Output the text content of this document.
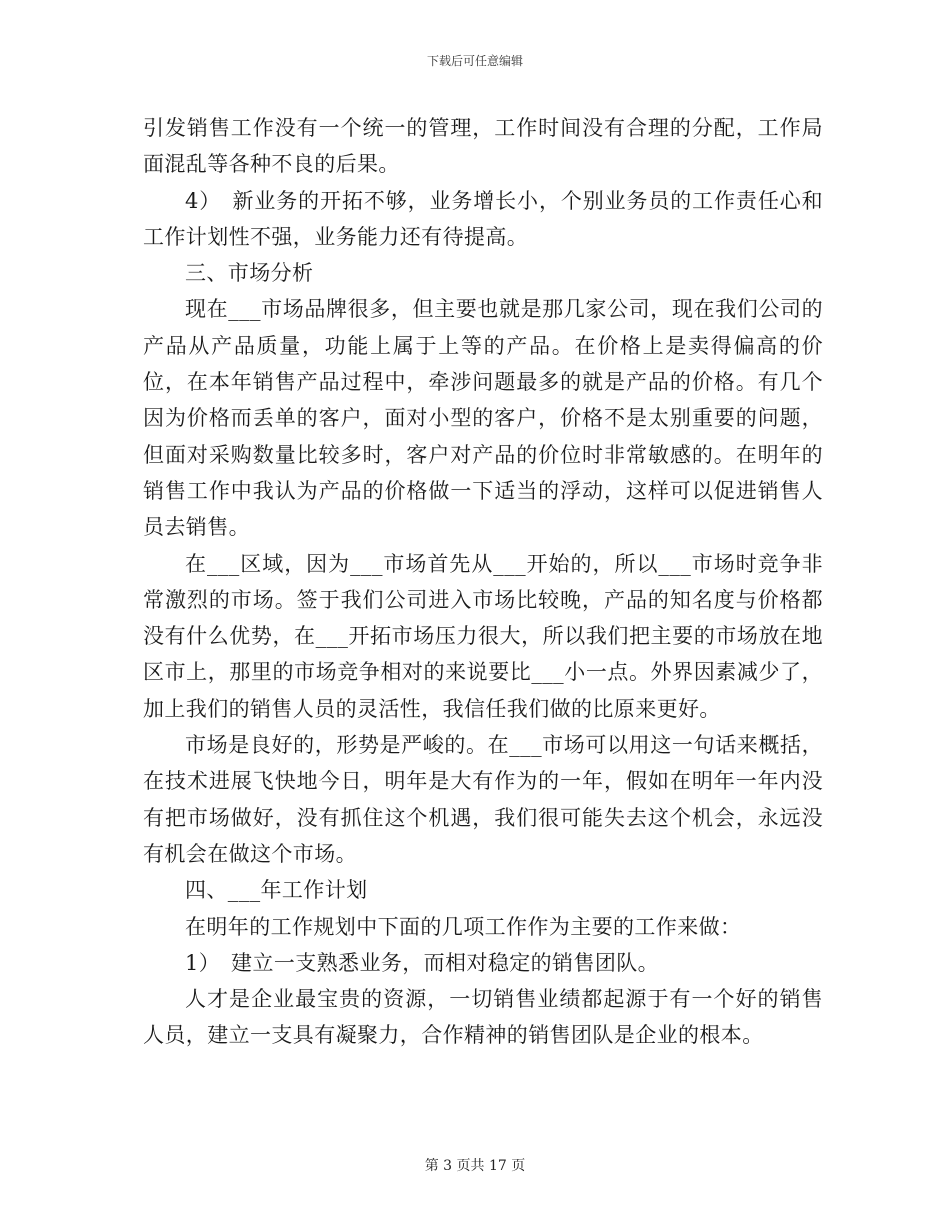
下载后可任意编辑

引发销售工作没有一个统一的管理，工作时间没有合理的分配，工作局面混乱等各种不良的后果。

4）　新业务的开拓不够，业务增长小，个别业务员的工作责任心和工作计划性不强，业务能力还有待提高。

三、市场分析

现在___市场品牌很多，但主要也就是那几家公司，现在我们公司的产品从产品质量，功能上属于上等的产品。在价格上是卖得偏高的价位，在本年销售产品过程中，牵涉问题最多的就是产品的价格。有几个因为价格而丢单的客户，面对小型的客户，价格不是太别重要的问题，但面对采购数量比较多时，客户对产品的价位时非常敏感的。在明年的销售工作中我认为产品的价格做一下适当的浮动，这样可以促进销售人员去销售。

在___区域，因为___市场首先从___开始的，所以___市场时竞争非常激烈的市场。签于我们公司进入市场比较晚，产品的知名度与价格都没有什么优势，在___开拓市场压力很大，所以我们把主要的市场放在地区市上，那里的市场竞争相对的来说要比___小一点。外界因素减少了，加上我们的销售人员的灵活性，我信任我们做的比原来更好。

市场是良好的，形势是严峻的。在___市场可以用这一句话来概括，在技术进展飞快地今日，明年是大有作为的一年，假如在明年一年内没有把市场做好，没有抓住这个机遇，我们很可能失去这个机会，永远没有机会在做这个市场。

四、___年工作计划

在明年的工作规划中下面的几项工作作为主要的工作来做：

1）　建立一支熟悉业务，而相对稳定的销售团队。

人才是企业最宝贵的资源，一切销售业绩都起源于有一个好的销售人员，建立一支具有凝聚力，合作精神的销售团队是企业的根本。

第 3 页共 17 页
